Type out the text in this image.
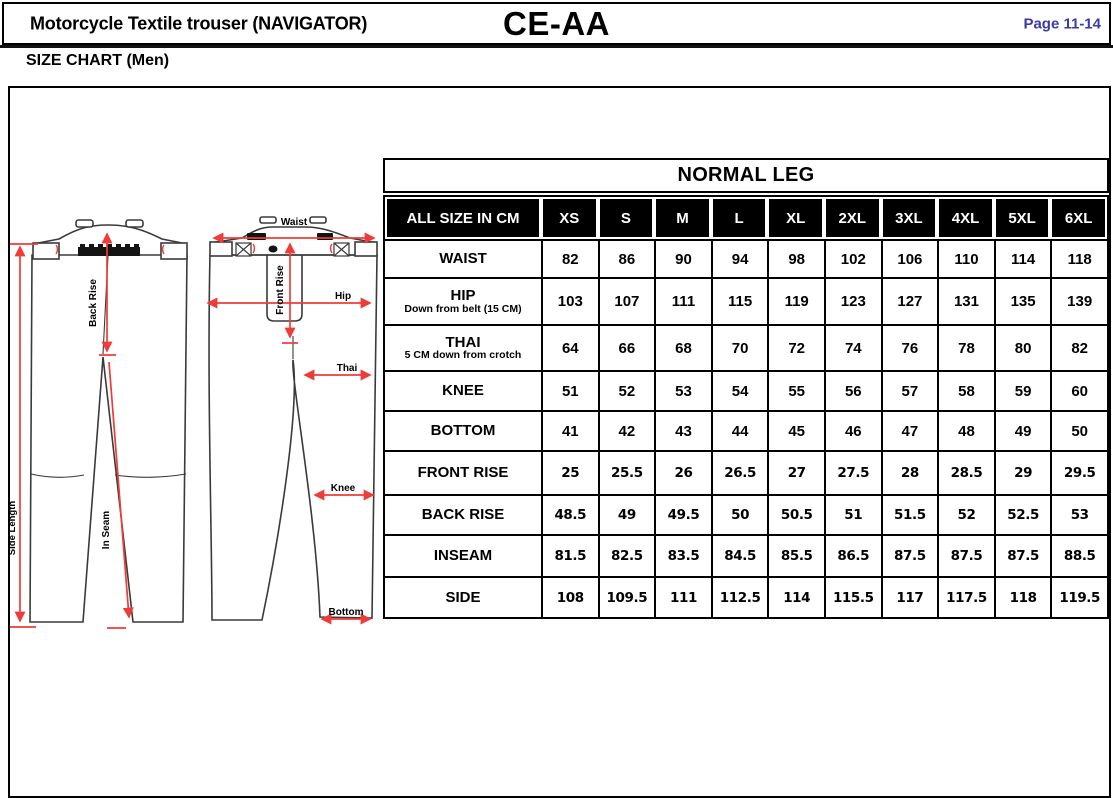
Motorcycle Textile trouser (NAVIGATOR)	CE-AA	Page 11-14
SIZE CHART (Men)
Side Length
Back Rise
In Seam
Waist
Front Rise	Hip
Thai
Knee
Bottom
NORMAL LEG
ALL SIZE IN CM	XS	S	M	L	XL	2XL	3XL	4XL	5XL	6XL
WAIST	82	86	90	94	98	102	106	110	114	118
HIP
Down from belt (15 CM)	103	107	111	115	119	123	127	131	135	139
THAI
5 CM down from crotch	64	66	68	70	72	74	76	78	80	82
KNEE	51	52	53	54	55	56	57	58	59	60
BOTTOM	41	42	43	44	45	46	47	48	49	50
FRONT RISE	25	25.5	26	26.5	27	27.5	28	28.5	29	29.5
BACK RISE	48.5	49	49.5	50	50.5	51	51.5	52	52.5	53
INSEAM	81.5	82.5	83.5	84.5	85.5	86.5	87.5	87.5	87.5	88.5
SIDE	108	109.5	111	112.5	114	115.5	117	117.5	118	119.5
